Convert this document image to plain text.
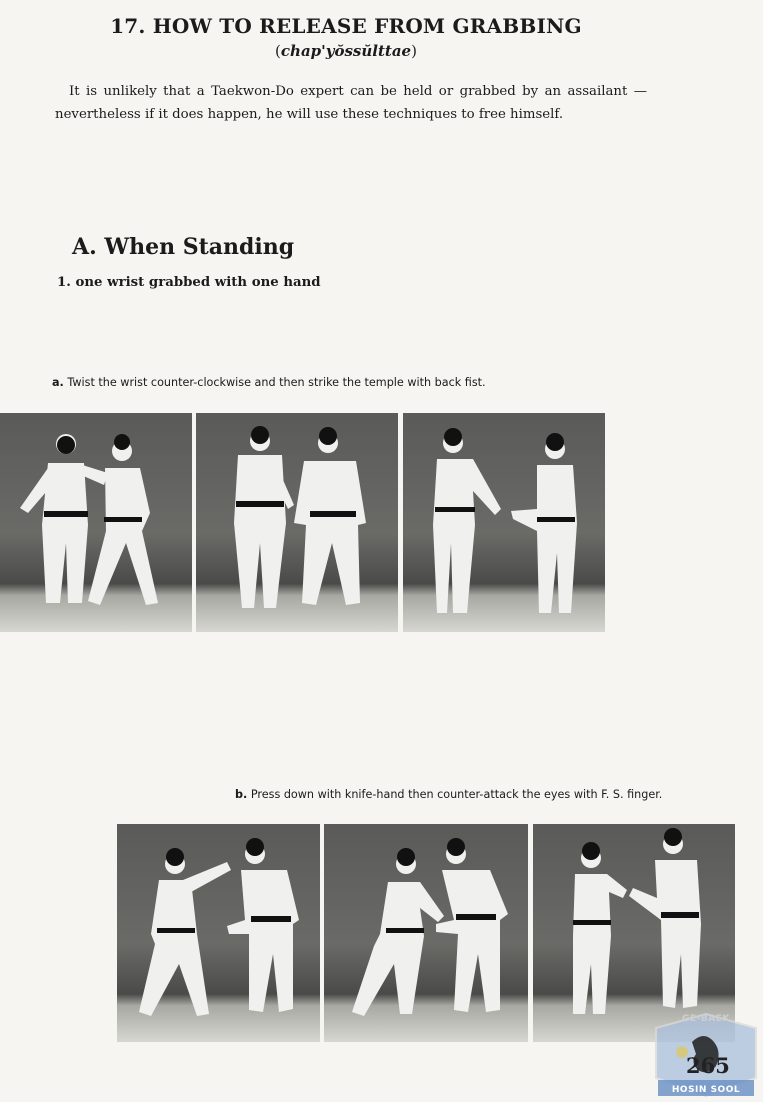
17. HOW TO RELEASE FROM GRABBING
(chap'yŏssŭlttae)
It is unlikely that a Taekwon-Do expert can be held or grabbed by an assailant —nevertheless if it does happen, he will use these techniques to free himself.
A. When Standing
1. one wrist grabbed with one hand
a. Twist the wrist counter-clockwise and then strike the temple with back fist.
b. Press down with knife-hand then counter-attack the eyes with F. S. finger.
GE-BAEK
HOSIN SOOL
265
